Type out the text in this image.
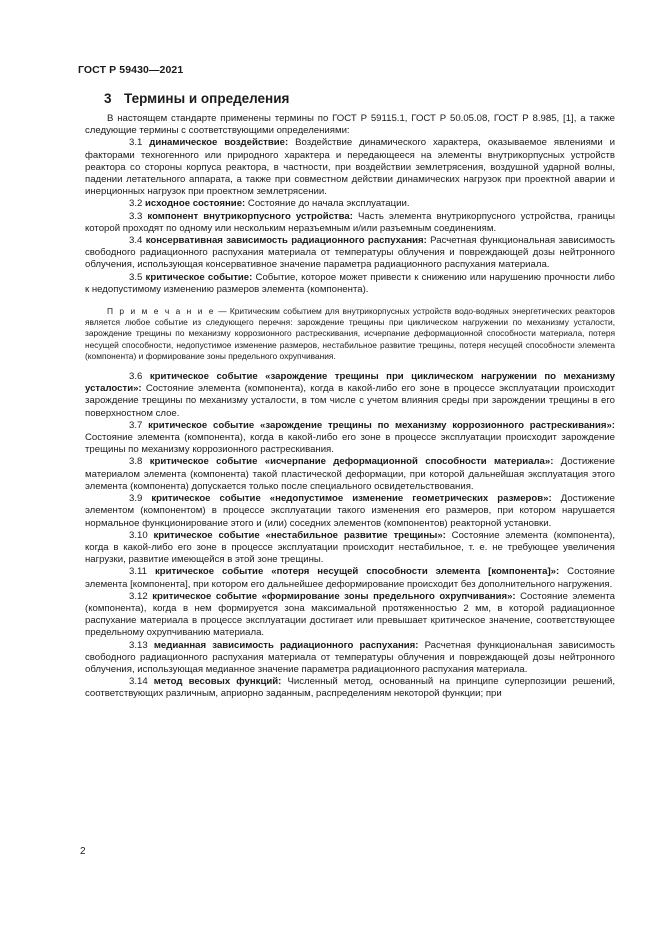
ГОСТ Р 59430—2021
3 Термины и определения

В настоящем стандарте применены термины по ГОСТ Р 59115.1, ГОСТ Р 50.05.08, ГОСТ Р 8.985, [1], а также следующие термины с соответствующими определениями:

3.1 динамическое воздействие: Воздействие динамического характера, оказываемое явлениями и факторами техногенного или природного характера и передающееся на элементы внутрикорпусных устройств реактора со стороны корпуса реактора, в частности, при воздействии землетрясения, воздушной ударной волны, падении летательного аппарата, а также при совместном действии динамических нагрузок при проектной аварии и инерционных нагрузок при проектном землетрясении.

3.2 исходное состояние: Состояние до начала эксплуатации.

3.3 компонент внутрикорпусного устройства: Часть элемента внутрикорпусного устройства, границы которой проходят по одному или нескольким неразъемным и/или разъемным соединениям.

3.4 консервативная зависимость радиационного распухания: Расчетная функциональная зависимость свободного радиационного распухания материала от температуры облучения и повреждающей дозы нейтронного облучения, использующая консервативное значение параметра радиационного распухания материала.

3.5 критическое событие: Событие, которое может привести к снижению или нарушению прочности либо к недопустимому изменению размеров элемента (компонента).

П р и м е ч а н и е — Критическим событием для внутрикорпусных устройств водо-водяных энергетических реакторов является любое событие из следующего перечня: зарождение трещины при циклическом нагружении по механизму усталости, зарождение трещины по механизму коррозионного растрескивания, исчерпание деформационной способности материала, потеря несущей способности, недопустимое изменение размеров, нестабильное развитие трещины, потеря несущей способности элемента (компонента) и формирование зоны предельного охрупчивания.

3.6 критическое событие «зарождение трещины при циклическом нагружении по механизму усталости»: Состояние элемента (компонента), когда в какой-либо его зоне в процессе эксплуатации происходит зарождение трещины по механизму усталости, в том числе с учетом влияния среды при зарождении трещины в его поверхностном слое.

3.7 критическое событие «зарождение трещины по механизму коррозионного растрескивания»: Состояние элемента (компонента), когда в какой-либо его зоне в процессе эксплуатации происходит зарождение трещины по механизму коррозионного растрескивания.

3.8 критическое событие «исчерпание деформационной способности материала»: Достижение материалом элемента (компонента) такой пластической деформации, при которой дальнейшая эксплуатация этого элемента (компонента) допускается только после специального освидетельствования.

3.9 критическое событие «недопустимое изменение геометрических размеров»: Достижение элементом (компонентом) в процессе эксплуатации такого изменения его размеров, при котором нарушается нормальное функционирование этого и (или) соседних элементов (компонентов) реакторной установки.

3.10 критическое событие «нестабильное развитие трещины»: Состояние элемента (компонента), когда в какой-либо его зоне в процессе эксплуатации происходит нестабильное, т. е. не требующее увеличения нагрузки, развитие имеющейся в этой зоне трещины.

3.11 критическое событие «потеря несущей способности элемента [компонента]»: Состояние элемента [компонента], при котором его дальнейшее деформирование происходит без дополнительного нагружения.

3.12 критическое событие «формирование зоны предельного охрупчивания»: Состояние элемента (компонента), когда в нем формируется зона максимальной протяженностью 2 мм, в которой радиационное распухание материала в процессе эксплуатации достигает или превышает критическое значение, соответствующее предельному охрупчиванию материала.

3.13 медианная зависимость радиационного распухания: Расчетная функциональная зависимость свободного радиационного распухания материала от температуры облучения и повреждающей дозы нейтронного облучения, использующая медианное значение параметра радиационного распухания материала.

3.14 метод весовых функций: Численный метод, основанный на принципе суперпозиции решений, соответствующих различным, априорно заданным, распределениям некоторой функции; при

2
